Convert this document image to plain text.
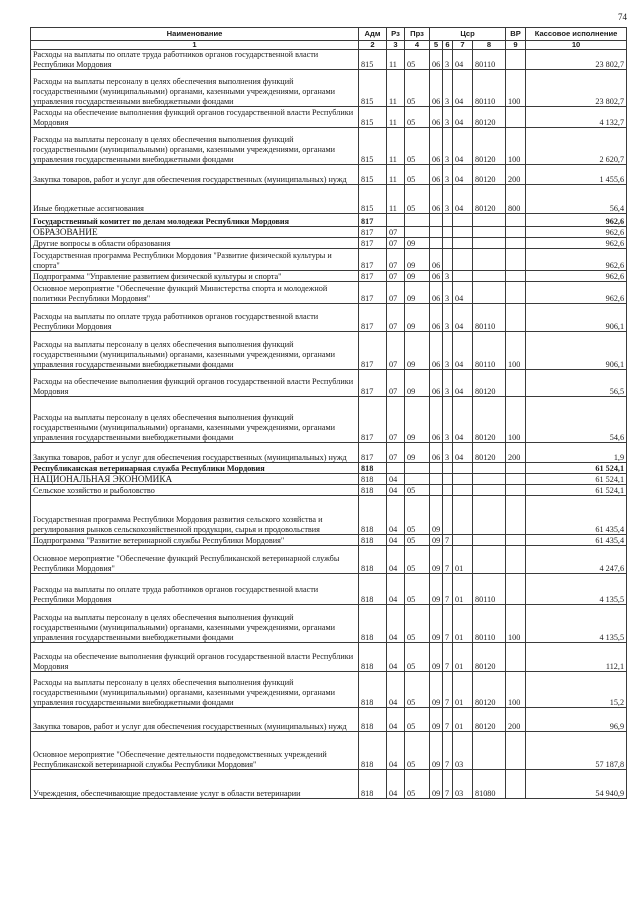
74
Наименование	Адм	Рз	Прз	Цср				ВР	Кассовое исполнение
1	2	3	4	5	6	7	8	9	10
Расходы на выплаты по оплате труда работников органов государственной власти Республики Мордовия	815	11	05	06	3	04	80110		23 802,7
Расходы на выплаты персоналу в целях обеспечения выполнения функций государственными (муниципальными) органами, казенными учреждениями, органами управления государственными внебюджетными фондами	815	11	05	06	3	04	80110	100	23 802,7
Расходы на обеспечение выполнения функций органов государственной власти Республики Мордовия	815	11	05	06	3	04	80120		4 132,7
Расходы на выплаты персоналу в целях обеспечения выполнения функций государственными (муниципальными) органами, казенными учреждениями, органами управления государственными внебюджетными фондами	815	11	05	06	3	04	80120	100	2 620,7
Закупка товаров, работ и услуг для обеспечения государственных (муниципальных) нужд	815	11	05	06	3	04	80120	200	1 455,6
Иные бюджетные ассигнования	815	11	05	06	3	04	80120	800	56,4
Государственный комитет по делам молодежи Республики Мордовия	817								962,6
ОБРАЗОВАНИЕ	817	07							962,6
Другие вопросы в области образования	817	07	09						962,6
Государственная программа Республики Мордовия "Развитие физической культуры и спорта"	817	07	09	06					962,6
Подпрограмма "Управление развитием физической культуры и спорта"	817	07	09	06	3				962,6
Основное мероприятие "Обеспечение функций Министерства спорта и молодежной политики Республики Мордовия"	817	07	09	06	3	04			962,6
Расходы на выплаты по оплате труда работников органов государственной власти Республики Мордовия	817	07	09	06	3	04	80110		906,1
Расходы на выплаты персоналу в целях обеспечения выполнения функций государственными (муниципальными) органами, казенными учреждениями, органами управления государственными внебюджетными фондами	817	07	09	06	3	04	80110	100	906,1
Расходы на обеспечение выполнения функций органов государственной власти Республики Мордовия	817	07	09	06	3	04	80120		56,5
Расходы на выплаты персоналу в целях обеспечения выполнения функций государственными (муниципальными) органами, казенными учреждениями, органами управления государственными внебюджетными фондами	817	07	09	06	3	04	80120	100	54,6
Закупка товаров, работ и услуг для обеспечения государственных (муниципальных) нужд	817	07	09	06	3	04	80120	200	1,9
Республиканская ветеринарная служба Республики Мордовия	818								61 524,1
НАЦИОНАЛЬНАЯ ЭКОНОМИКА	818	04							61 524,1
Сельское хозяйство и рыболовство	818	04	05						61 524,1
Государственная программа Республики Мордовия развития сельского хозяйства и регулирования рынков сельскохозяйственной продукции, сырья и продовольствия	818	04	05	09					61 435,4
Подпрограмма "Развитие ветеринарной службы Республики Мордовия"	818	04	05	09	7				61 435,4
Основное мероприятие "Обеспечение функций Республиканской ветеринарной службы Республики Мордовия"	818	04	05	09	7	01			4 247,6
Расходы на выплаты по оплате труда работников органов государственной власти Республики Мордовия	818	04	05	09	7	01	80110		4 135,5
Расходы на выплаты персоналу в целях обеспечения выполнения функций государственными (муниципальными) органами, казенными учреждениями, органами управления государственными внебюджетными фондами	818	04	05	09	7	01	80110	100	4 135,5
Расходы на обеспечение выполнения функций органов государственной власти Республики Мордовия	818	04	05	09	7	01	80120		112,1
Расходы на выплаты персоналу в целях обеспечения выполнения функций государственными (муниципальными) органами, казенными учреждениями, органами управления государственными внебюджетными фондами	818	04	05	09	7	01	80120	100	15,2
Закупка товаров, работ и услуг для обеспечения государственных (муниципальных) нужд	818	04	05	09	7	01	80120	200	96,9
Основное мероприятие "Обеспечение деятельности подведомственных учреждений Республиканской ветеринарной службы Республики Мордовия"	818	04	05	09	7	03			57 187,8
Учреждения, обеспечивающие предоставление услуг в области ветеринарии	818	04	05	09	7	03	81080		54 940,9
